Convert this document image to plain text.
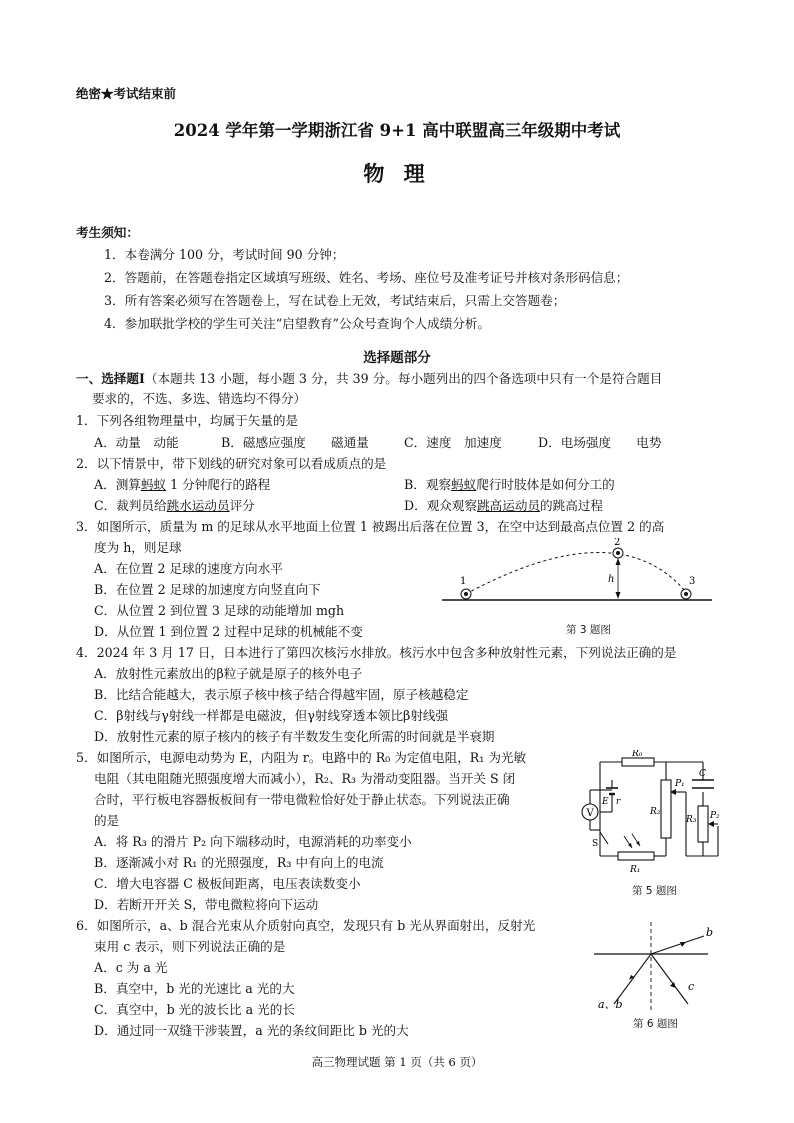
绝密★考试结束前
2024 学年第一学期浙江省 9+1 高中联盟高三年级期中考试
物 理
考生须知：
1．本卷满分 100 分，考试时间 90 分钟；
2．答题前，在答题卷指定区域填写班级、姓名、考场、座位号及准考证号并核对条形码信息；
3．所有答案必须写在答题卷上，写在试卷上无效，考试结束后，只需上交答题卷；
4．参加联批学校的学生可关注“启望教育”公众号查询个人成绩分析。
选择题部分
一、选择题Ⅰ（本题共 13 小题，每小题 3 分，共 39 分。每小题列出的四个备选项中只有一个是符合题目
要求的，不选、多选、错选均不得分）
1．下列各组物理量中，均属于矢量的是
A．动量　动能	B．磁感应强度　　磁通量	C．速度　加速度	D．电场强度　　电势
2．以下情景中，带下划线的研究对象可以看成质点的是
A．测算蚂蚁 1 分钟爬行的路程	B．观察蚂蚁爬行时肢体是如何分工的
C．裁判员给跳水运动员评分	D．观众观察跳高运动员的跳高过程
3．如图所示，质量为 m 的足球从水平地面上位置 1 被踢出后落在位置 3，在空中达到最高点位置 2 的高
度为 h，则足球
A．在位置 2 足球的速度方向水平
B．在位置 2 足球的加速度方向竖直向下
C．从位置 2 到位置 3 足球的动能增加 mgh
D．从位置 1 到位置 2 过程中足球的机械能不变
1
2
3
h
第 3 题图
4．2024 年 3 月 17 日，日本进行了第四次核污水排放。核污水中包含多种放射性元素，下列说法正确的是
A．放射性元素放出的β粒子就是原子的核外电子
B．比结合能越大，表示原子核中核子结合得越牢固，原子核越稳定
C．β射线与γ射线一样都是电磁波，但γ射线穿透本领比β射线强
D．放射性元素的原子核内的核子有半数发生变化所需的时间就是半衰期
5．如图所示，电源电动势为 E，内阻为 r。电路中的 R₀ 为定值电阻，R₁ 为光敏
电阻（其电阻随光照强度增大而减小），R₂、R₃ 为滑动变阻器。当开关 S 闭
合时，平行板电容器板板间有一带电微粒恰好处于静止状态。下列说法正确
的是
A．将 R₃ 的滑片 P₂ 向下端移动时，电源消耗的功率变小
B．逐渐减小对 R₁ 的光照强度，R₃ 中有向上的电流
C．增大电容器 C 极板间距离，电压表读数变小
D．若断开开关 S，带电微粒将向下运动
V
R₀
R₂
P₁
C
R₃ P₂
R₁
E r
S
第 5 题图
6．如图所示，a、b 混合光束从介质射向真空，发现只有 b 光从界面射出，反射光
束用 c 表示，则下列说法正确的是
A．c 为 a 光
B．真空中，b 光的光速比 a 光的大
C．真空中，b 光的波长比 a 光的长
D．通过同一双缝干涉装置，a 光的条纹间距比 b 光的大
b
c
a、b
第 6 题图
高三物理试题 第 1 页（共 6 页）
